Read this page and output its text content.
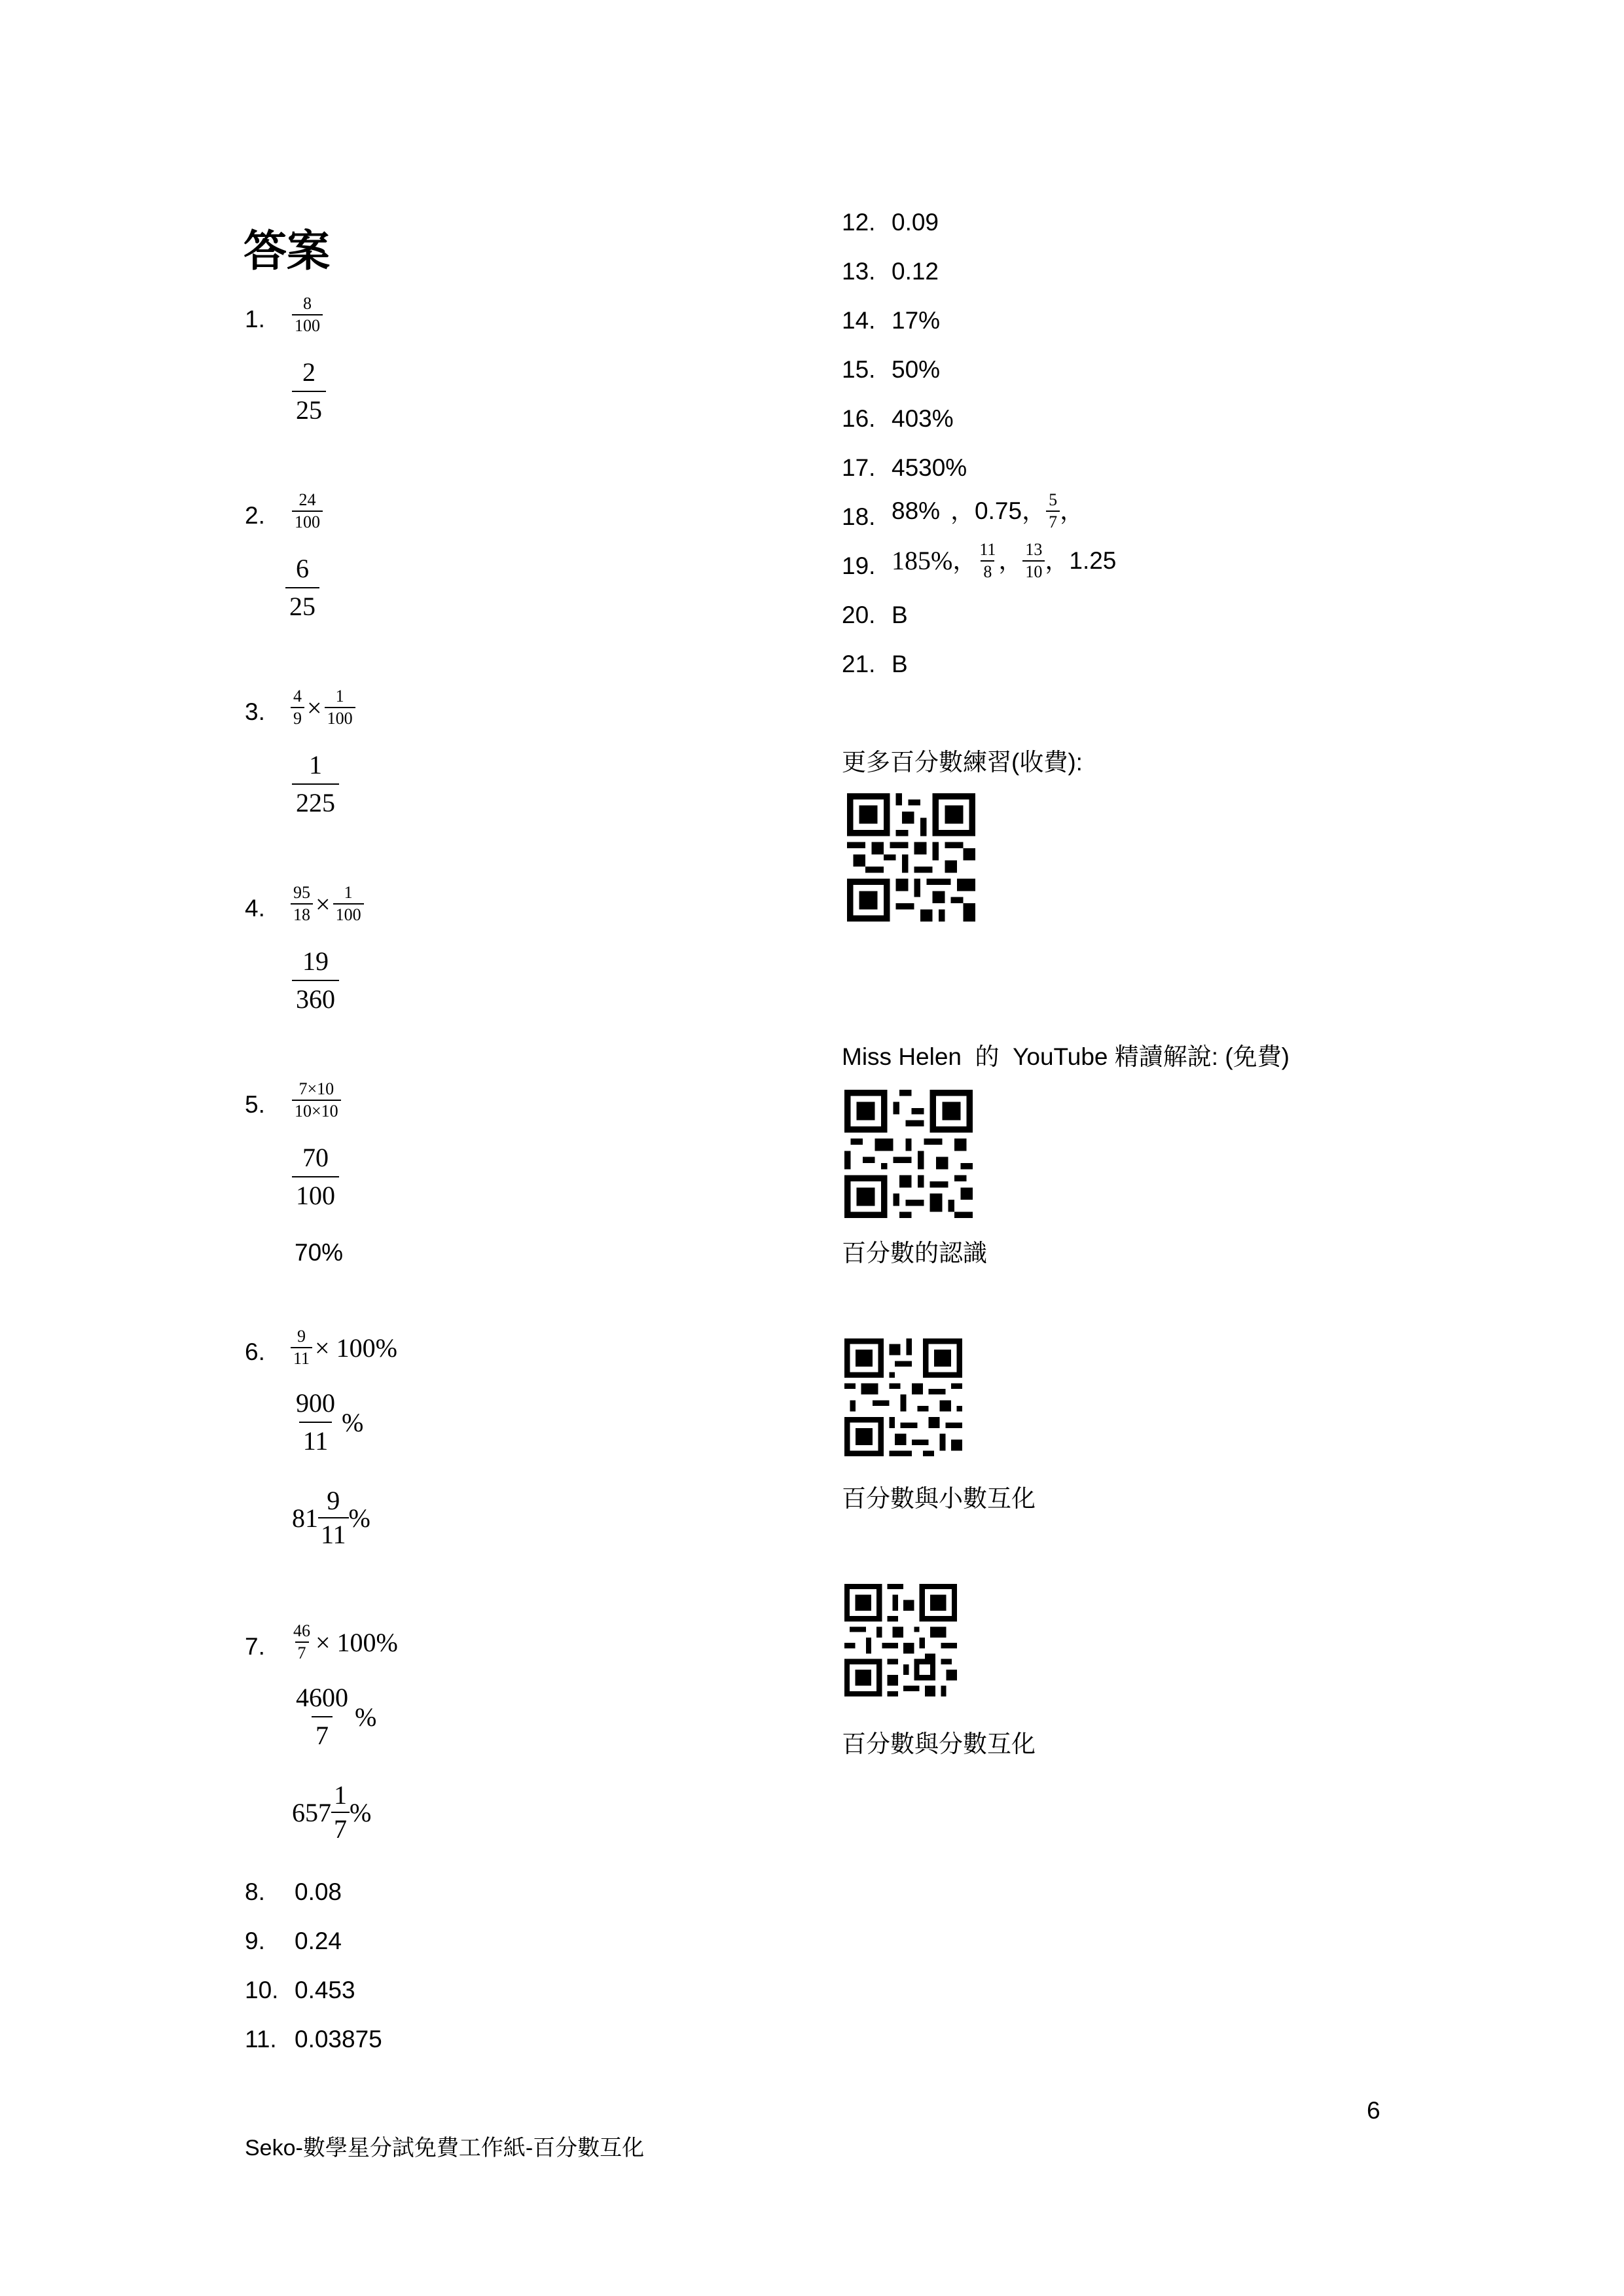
答案
1. $\frac{8}{100}$
$\frac{2}{25}$
2. $\frac{24}{100}$
$\frac{6}{25}$
3. $\frac{4}{9} \times \frac{1}{100}$
$\frac{1}{225}$
4. $\frac{95}{18} \times \frac{1}{100}$
$\frac{19}{360}$
5. $\frac{7\times 10}{10\times 10}$
$\frac{70}{100}$
70%
6. $\frac{9}{11} \times 100\%$
900
11
%
81
9
11
%
7. $\frac{46}{7} \times 100\%$
4600
7
%
657
1
7
%
8. 0.08
9. 0.24
10. 0.453
11. 0.03875
12. 0.09
13. 0.12
14. 17%
15. 50%
16. 403%
17. 4530%
18. 88% ，0.75， 5
7 ，
19. 185% ， 11
8 ， 13
10 ，1.25
20. B
21. B
更多百分數練習(收費):
Miss Helen  的  YouTube 精讀解說: (免費)
百分數的認識
百分數與小數互化
百分數與分數互化
6
Seko-數學星分試免費工作紙-百分數互化
